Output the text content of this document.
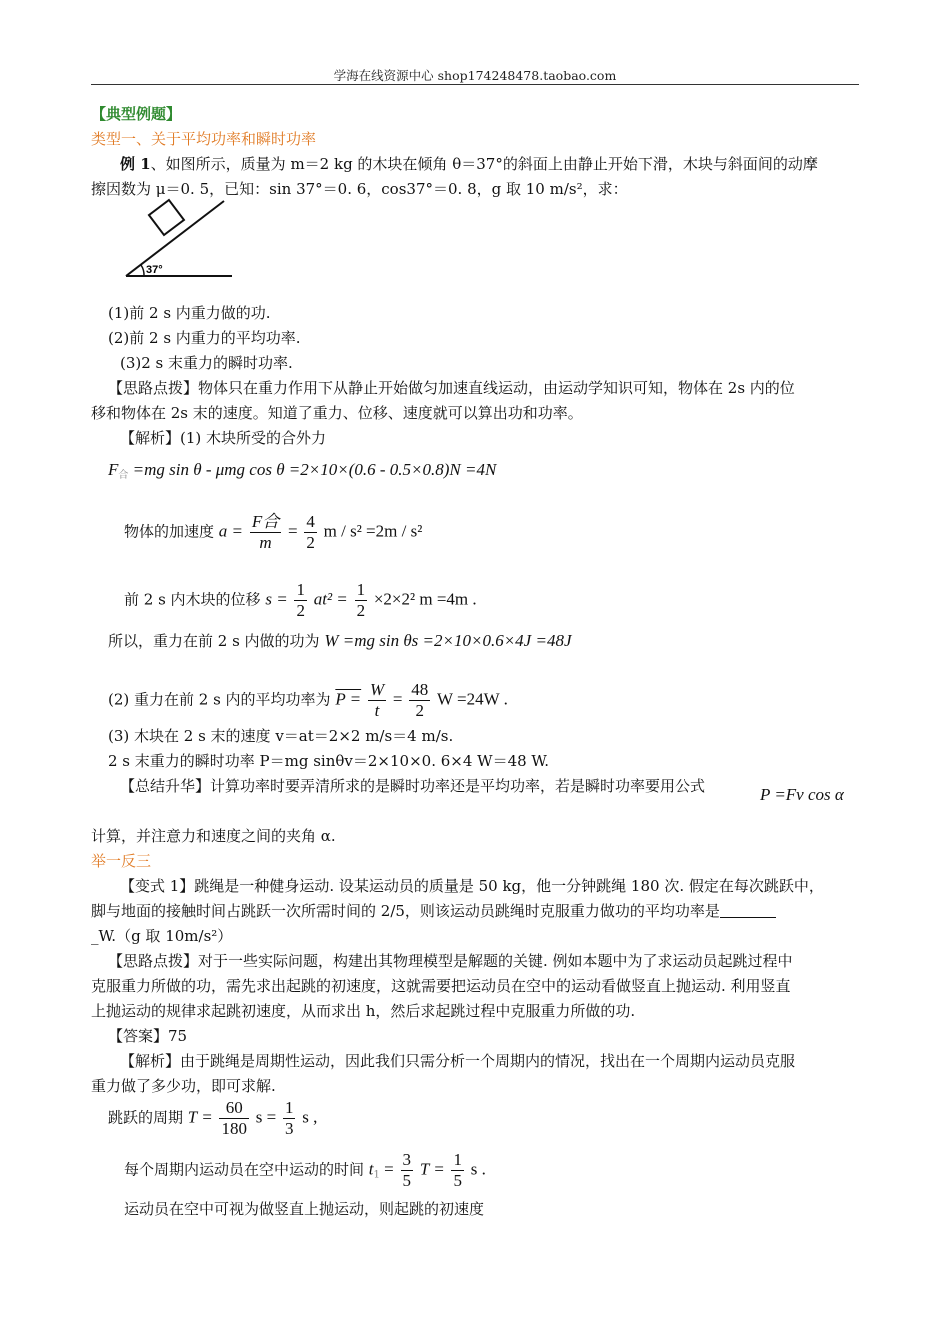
学海在线资源中心 shop174248478.taobao.com
【典型例题】
类型一、关于平均功率和瞬时功率
例 1、如图所示，质量为 m＝2 kg 的木块在倾角 θ＝37°的斜面上由静止开始下滑，木块与斜面间的动摩
擦因数为 μ＝0. 5，已知：sin 37°＝0. 6，cos37°＝0. 8，g 取 10 m/s²，求：
37°
(1)前 2 s 内重力做的功.
(2)前 2 s 内重力的平均功率.
(3)2 s 末重力的瞬时功率.
【思路点拨】物体只在重力作用下从静止开始做匀加速直线运动，由运动学知识可知，物体在 2s 内的位
移和物体在 2s 末的速度。知道了重力、位移、速度就可以算出功和功率。
【解析】(1) 木块所受的合外力
$F_合 =mg$ sin θ - μmg cos θ =2×10×(0.6 - 0.5×0.8)N =4N
物体的加速度 $a = \frac{\text{F合}}{m} = \frac{4}{2}$ m / s² =2m / s²
前 2 s 内木块的位移 $s = \frac{1}{2} at^2 = \frac{1}{2} \times 2\times 2^2$ m =4m .
所以，重力在前 2 s 内做的功为 W =mg sin θs =2×10×0.6×4J =48J
(2) 重力在前 2 s 内的平均功率为 $P = \frac{W}{t} = \frac{48}{2}$ W =24W .
(3) 木块在 2 s 末的速度 v＝at＝2×2 m/s＝4 m/s.
2 s 末重力的瞬时功率 P＝mg sinθv＝2×10×0. 6×4 W＝48 W.
【总结升华】计算功率时要弄清所求的是瞬时功率还是平均功率，若是瞬时功率要用公式	P =Fv cos α
计算，并注意力和速度之间的夹角 α.
举一反三
【变式 1】跳绳是一种健身运动. 设某运动员的质量是 50 kg，他一分钟跳绳 180 次. 假定在每次跳跃中，
脚与地面的接触时间占跳跃一次所需时间的 2/5，则该运动员跳绳时克服重力做功的平均功率是
_W.（g 取 10m/s²）
【思路点拨】对于一些实际问题，构建出其物理模型是解题的关键. 例如本题中为了求运动员起跳过程中
克服重力所做的功，需先求出起跳的初速度，这就需要把运动员在空中的运动看做竖直上抛运动. 利用竖直
上抛运动的规律求起跳初速度，从而求出 h，然后求起跳过程中克服重力所做的功.
【答案】75
【解析】由于跳绳是周期性运动，因此我们只需分析一个周期内的情况，找出在一个周期内运动员克服
重力做了多少功，即可求解.
跳跃的周期 $T = \frac{60}{180}$ $s = \frac{1}{3}$ s ,
每个周期内运动员在空中运动的时间 $t_1 = \frac{3}{5}$ $T = \frac{1}{5}$ s .
运动员在空中可视为做竖直上抛运动，则起跳的初速度
